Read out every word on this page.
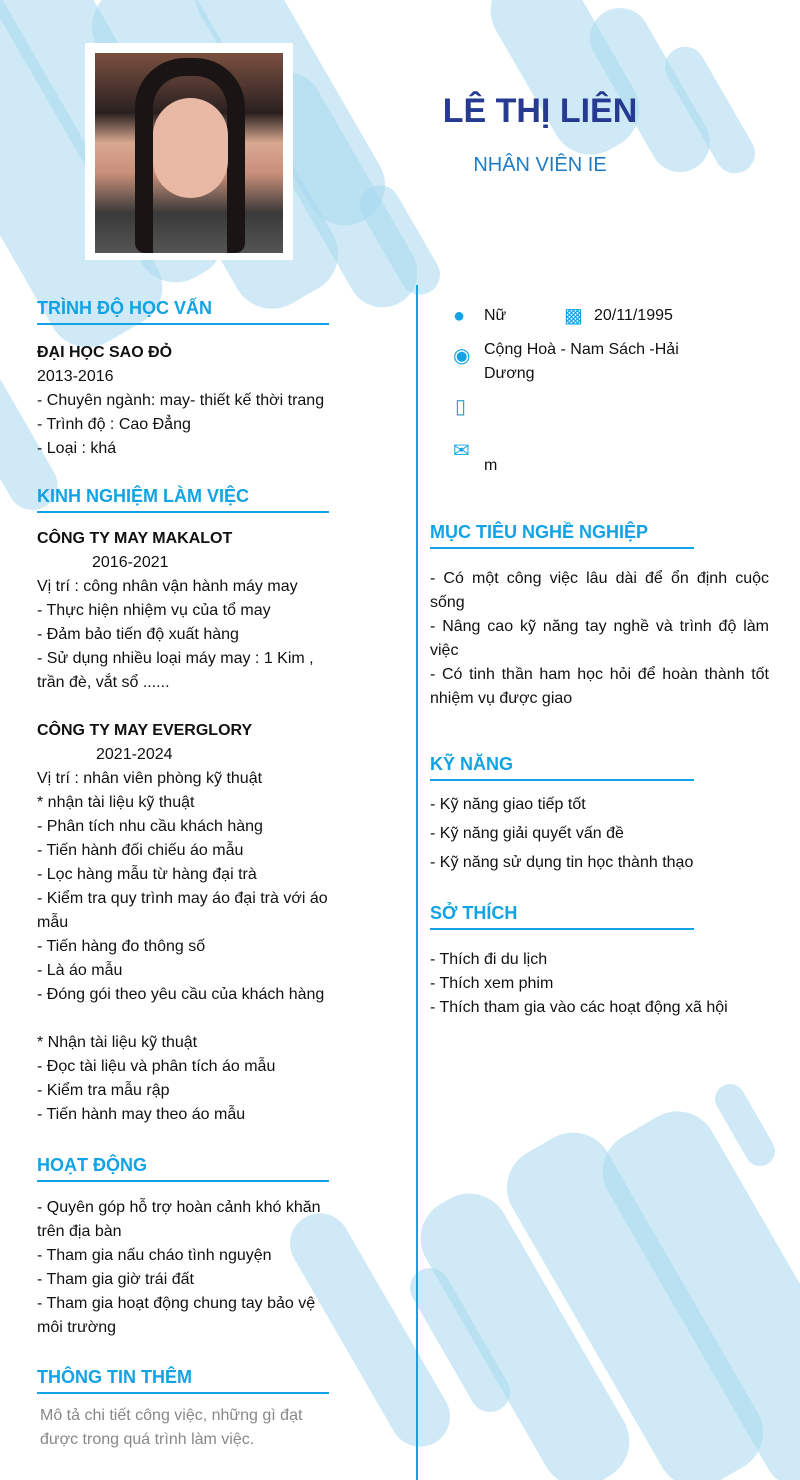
LÊ THỊ LIÊN
NHÂN VIÊN IE
● Nữ	▩ 20/11/1995
◉ Cộng Hoà - Nam Sách -Hải Dương
▯
✉
m
TRÌNH ĐỘ HỌC VẤN
ĐẠI HỌC SAO ĐỎ
2013-2016
- Chuyên ngành: may- thiết kế thời trang
- Trình độ : Cao Đẳng
- Loại : khá
KINH NGHIỆM LÀM VIỆC
CÔNG TY MAY MAKALOT
2016-2021
Vị trí : công nhân vận hành máy may
- Thực hiện nhiệm vụ của tổ may
- Đảm bảo tiến độ xuất hàng
- Sử dụng nhiều loại máy may : 1 Kim , trần đè, vắt sổ ......
CÔNG TY MAY EVERGLORY
2021-2024
Vị trí : nhân viên phòng kỹ thuật
* nhận tài liệu kỹ thuật
- Phân tích nhu cầu khách hàng
- Tiến hành đối chiếu áo mẫu
- Lọc hàng mẫu từ hàng đại trà
- Kiểm tra quy trình may áo đại trà với áo mẫu
- Tiến hàng đo thông số
- Là áo mẫu
- Đóng gói theo yêu cầu của khách hàng
* Nhận tài liệu kỹ thuật
- Đọc tài liệu và phân tích áo mẫu
- Kiểm tra mẫu rập
- Tiến hành may theo áo mẫu
HOẠT ĐỘNG
- Quyên góp hỗ trợ hoàn cảnh khó khăn trên địa bàn
- Tham gia nấu cháo tình nguyện
- Tham gia giờ trái đất
- Tham gia hoạt động chung tay bảo vệ môi trường
THÔNG TIN THÊM
Mô tả chi tiết công việc, những gì đạt được trong quá trình làm việc.
MỤC TIÊU NGHỀ NGHIỆP
- Có một công việc lâu dài để ổn định cuộc sống
- Nâng cao kỹ năng tay nghề và trình độ làm việc
- Có tinh thần ham học hỏi để hoàn thành tốt nhiệm vụ được giao
KỸ NĂNG
- Kỹ năng giao tiếp tốt
- Kỹ năng giải quyết vấn đề
- Kỹ năng sử dụng tin học thành thạo
SỞ THÍCH
- Thích đi du lịch
- Thích xem phim
- Thích tham gia vào các hoạt động xã hội
